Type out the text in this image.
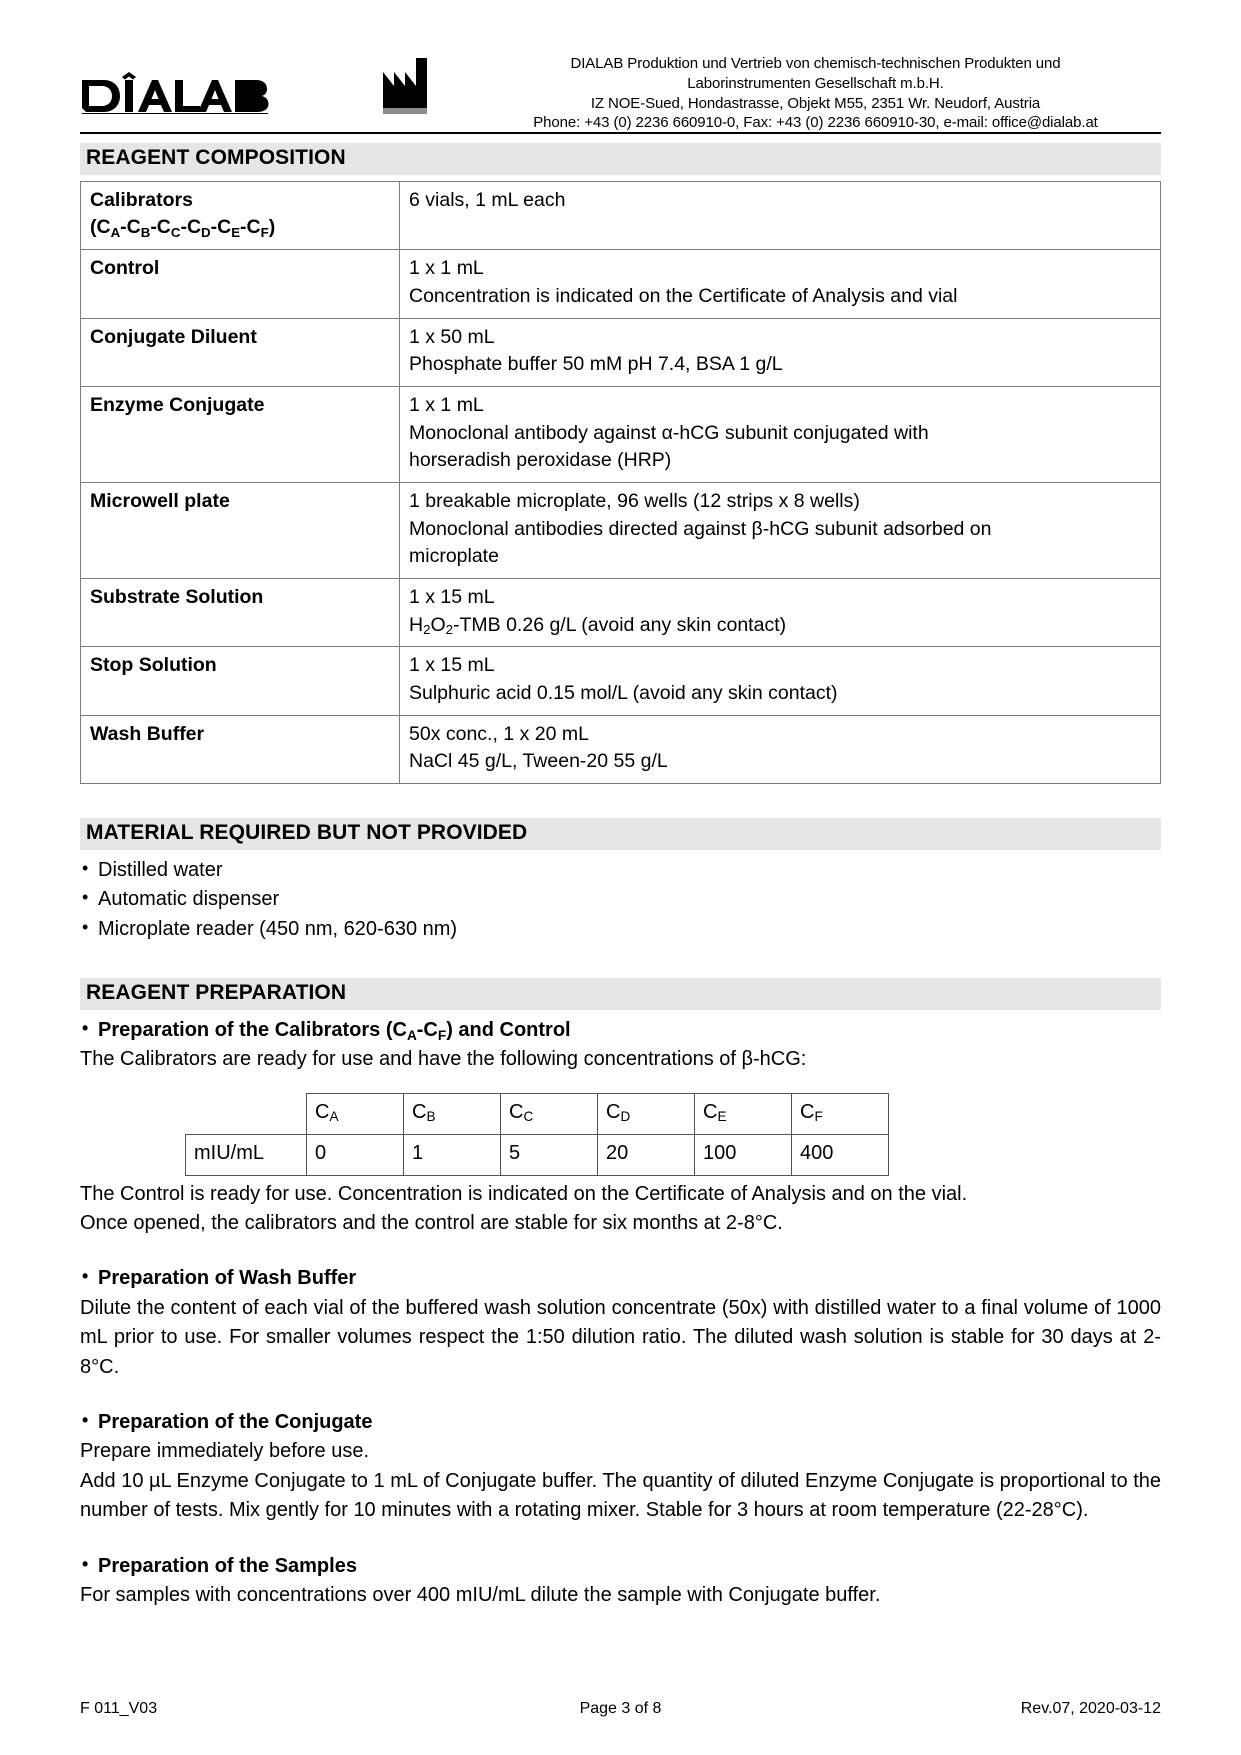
DIALAB Produktion und Vertrieb von chemisch-technischen Produkten und
Laborinstrumenten Gesellschaft m.b.H.
IZ NOE-Sued, Hondastrasse, Objekt M55, 2351 Wr. Neudorf, Austria
Phone: +43 (0) 2236 660910-0, Fax: +43 (0) 2236 660910-30, e-mail: office@dialab.at
REAGENT COMPOSITION
Calibrators
$(C_A-C_B-C_C-C_D-C_E-C_F)$	6 vials, 1 mL each

Control	1 x 1 mL
Concentration is indicated on the Certificate of Analysis and vial

Conjugate Diluent	1 x 50 mL
Phosphate buffer 50 mM pH 7.4, BSA 1 g/L

Enzyme Conjugate	1 x 1 mL
Monoclonal antibody against α-hCG subunit conjugated with
horseradish peroxidase (HRP)

Microwell plate	1 breakable microplate, 96 wells (12 strips x 8 wells)
Monoclonal antibodies directed against β-hCG subunit adsorbed on
microplate

Substrate Solution	1 x 15 mL
$H_2O_2$-TMB 0.26 g/L (avoid any skin contact)

Stop Solution	1 x 15 mL
Sulphuric acid 0.15 mol/L (avoid any skin contact)

Wash Buffer	50x conc., 1 x 20 mL
NaCl 45 g/L, Tween-20 55 g/L
MATERIAL REQUIRED BUT NOT PROVIDED
• Distilled water
• Automatic dispenser
• Microplate reader (450 nm, 620-630 nm)
REAGENT PREPARATION
• Preparation of the Calibrators $(C_A-C_F)$ and Control

The Calibrators are ready for use and have the following concentrations of β-hCG:

	$C_A$	$C_B$	$C_C$	$C_D$	$C_E$	$C_F$
mIU/mL	0	1	5	20	100	400

The Control is ready for use. Concentration is indicated on the Certificate of Analysis and on the vial.

Once opened, the calibrators and the control are stable for six months at 2-8°C.

• Preparation of Wash Buffer

Dilute the content of each vial of the buffered wash solution concentrate (50x) with distilled water to a final volume of 1000 mL prior to use. For smaller volumes respect the 1:50 dilution ratio. The diluted wash solution is stable for 30 days at 2-8°C.

• Preparation of the Conjugate

Prepare immediately before use.

Add 10 µL Enzyme Conjugate to 1 mL of Conjugate buffer. The quantity of diluted Enzyme Conjugate is proportional to the number of tests. Mix gently for 10 minutes with a rotating mixer. Stable for 3 hours at room temperature (22-28°C).

• Preparation of the Samples

For samples with concentrations over 400 mIU/mL dilute the sample with Conjugate buffer.

F 011_V03	Page 3 of 8	Rev.07, 2020-03-12
